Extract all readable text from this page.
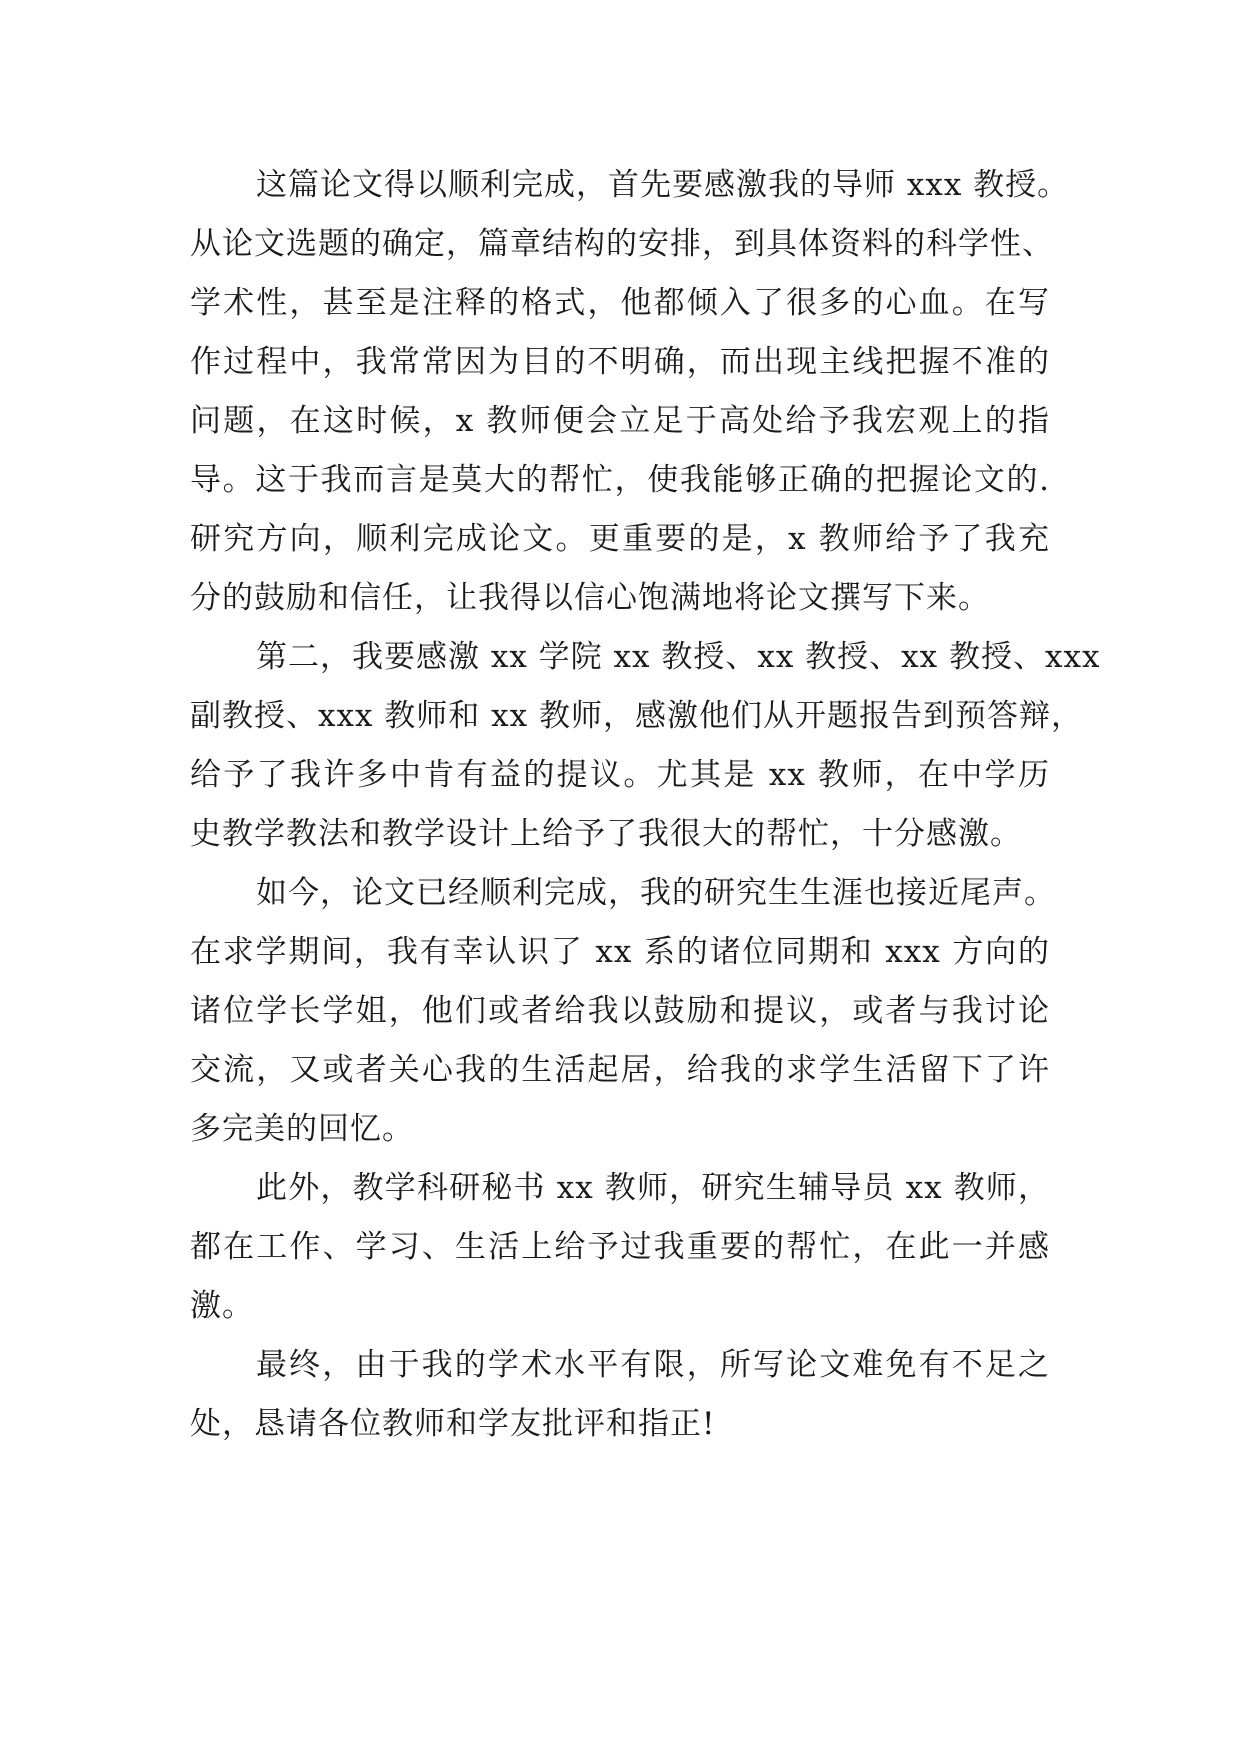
这篇论文得以顺利完成，首先要感激我的导师 xxx 教授。
从论文选题的确定，篇章结构的安排，到具体资料的科学性、
学术性，甚至是注释的格式，他都倾入了很多的心血。在写
作过程中，我常常因为目的不明确，而出现主线把握不准的
问题，在这时候，x 教师便会立足于高处给予我宏观上的指
导。这于我而言是莫大的帮忙，使我能够正确的把握论文的.
研究方向，顺利完成论文。更重要的是，x 教师给予了我充
分的鼓励和信任，让我得以信心饱满地将论文撰写下来。
第二，我要感激 xx 学院 xx 教授、xx 教授、xx 教授、xxx
副教授、xxx 教师和 xx 教师，感激他们从开题报告到预答辩，
给予了我许多中肯有益的提议。尤其是 xx 教师，在中学历
史教学教法和教学设计上给予了我很大的帮忙，十分感激。
如今，论文已经顺利完成，我的研究生生涯也接近尾声。
在求学期间，我有幸认识了 xx 系的诸位同期和 xxx 方向的
诸位学长学姐，他们或者给我以鼓励和提议，或者与我讨论
交流，又或者关心我的生活起居，给我的求学生活留下了许
多完美的回忆。
此外，教学科研秘书 xx 教师，研究生辅导员 xx 教师，
都在工作、学习、生活上给予过我重要的帮忙，在此一并感
激。
最终，由于我的学术水平有限，所写论文难免有不足之
处，恳请各位教师和学友批评和指正!
